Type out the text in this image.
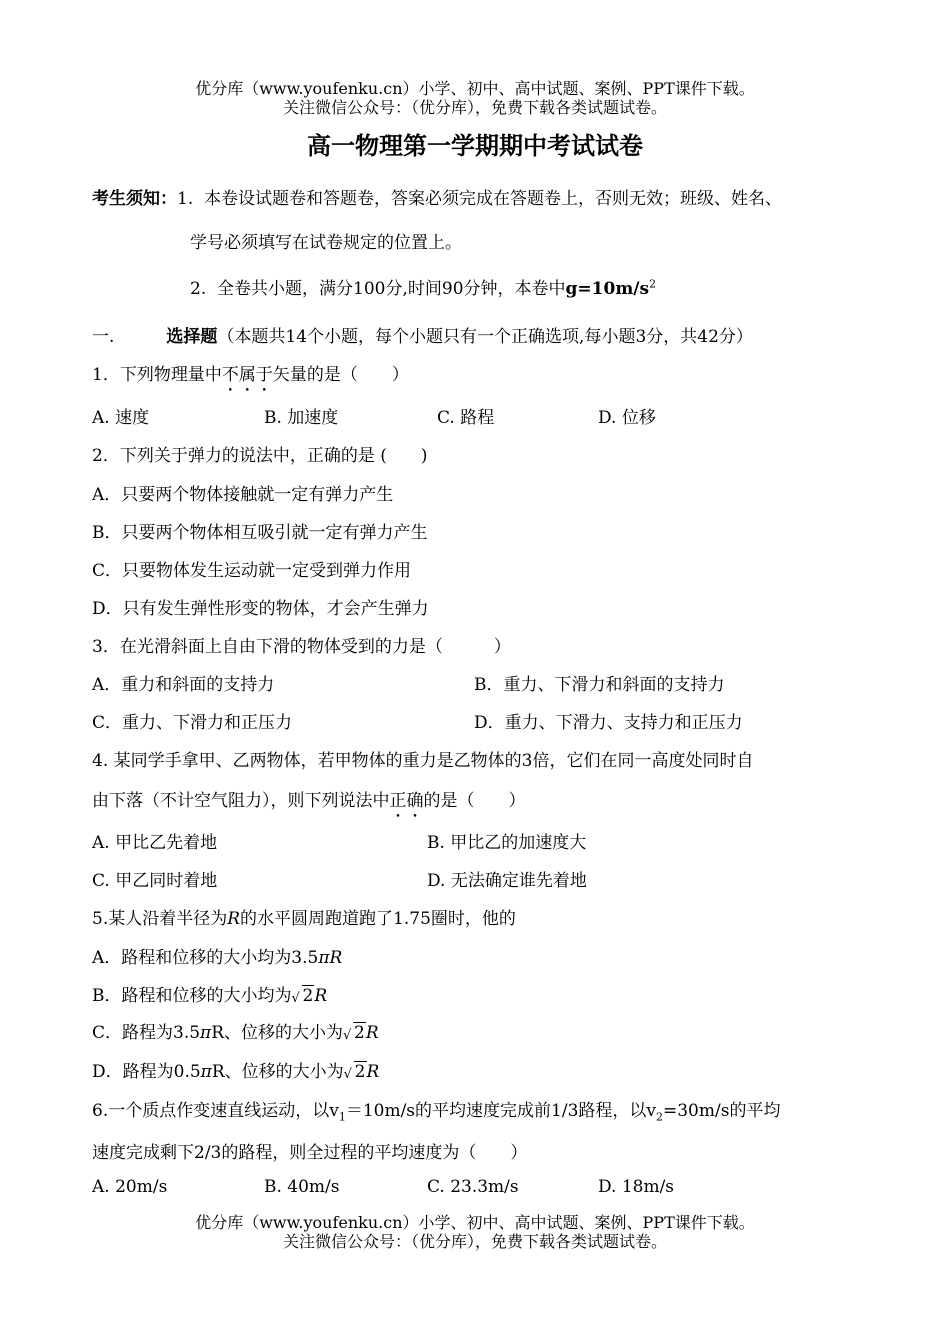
优分库（www.youfenku.cn）小学、初中、高中试题、案例、PPT课件下载。
关注微信公众号：（优分库），免费下载各类试题试卷。
高一物理第一学期期中考试试卷
考生须知：1. 本卷设试题卷和答题卷，答案必须完成在答题卷上，否则无效；班级、姓名、
学号必须填写在试卷规定的位置上。
2. 全卷共小题，满分100分,时间90分钟，本卷中$g=10m/s^2$
一.	选择题（本题共14个小题，每个小题只有一个正确选项,每小题3分，共42分）
1．下列物理量中不属于矢量的是（　　）
A. 速度	B. 加速度	C. 路程	D. 位移
2．下列关于弹力的说法中，正确的是 (　　)
A．只要两个物体接触就一定有弹力产生
B．只要两个物体相互吸引就一定有弹力产生
C．只要物体发生运动就一定受到弹力作用
D．只有发生弹性形变的物体，才会产生弹力
3．在光滑斜面上自由下滑的物体受到的力是（　　　）
A．重力和斜面的支持力	B．重力、下滑力和斜面的支持力
C．重力、下滑力和正压力	D．重力、下滑力、支持力和正压力
4. 某同学手拿甲、乙两物体，若甲物体的重力是乙物体的3倍，它们在同一高度处同时自
由下落（不计空气阻力），则下列说法中正确的是（　　）
A. 甲比乙先着地	B. 甲比乙的加速度大
C. 甲乙同时着地	D. 无法确定谁先着地
5.某人沿着半径为R的水平圆周跑道跑了1.75圈时，他的
A．路程和位移的大小均为3.5πR
B．路程和位移的大小均为 √ 2R
C．路程为3.5πR、位移的大小为 √ 2R
D．路程为0.5πR、位移的大小为 √ 2R
6.一个质点作变速直线运动，以$v_1=10m/s$的平均速度完成前1/3路程，以$v_2=30m/s$的平均
速度完成剩下2/3的路程，则全过程的平均速度为（　　）
A. 20m/s	B. 40m/s	C. 23.3m/s	D. 18m/s
优分库（www.youfenku.cn）小学、初中、高中试题、案例、PPT课件下载。
关注微信公众号：（优分库），免费下载各类试题试卷。
